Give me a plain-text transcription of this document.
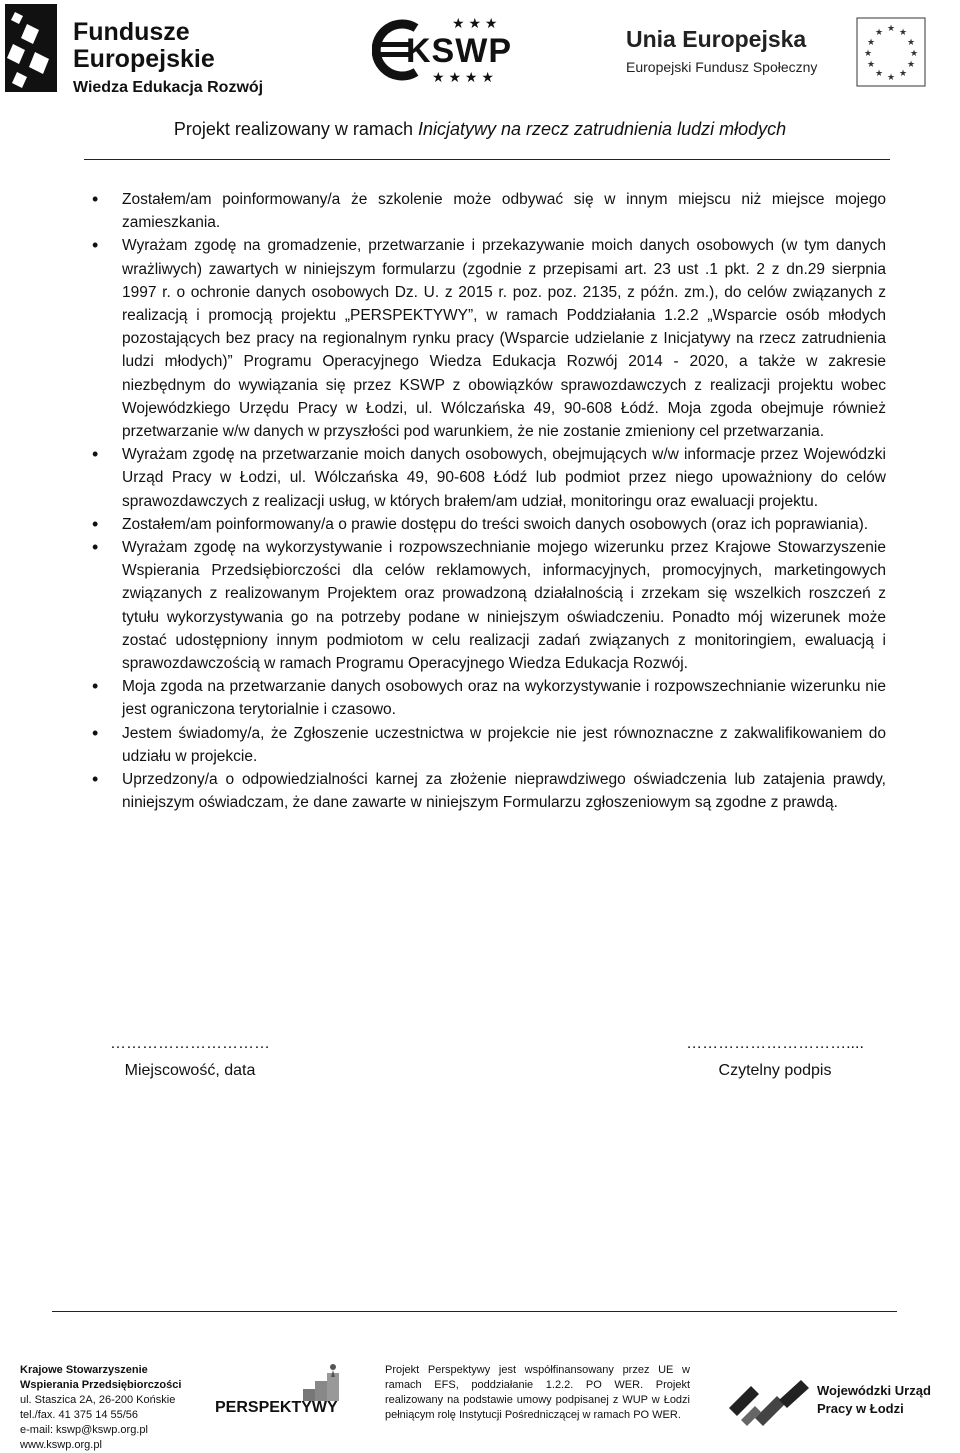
Fundusze
Europejskie
Wiedza Edukacja Rozwój
★ ★ ★
★ ★ ★ ★
KSWP	Unia Europejska
Europejski Fundusz Społeczny
★ ★
★
★
★
★
★
★
★
★
★
★
Projekt realizowany w ramach Inicjatywy na rzecz zatrudnienia ludzi młodych
• Zostałem/am poinformowany/a że szkolenie może odbywać się w innym miejscu niż miejsce mojego zamieszkania.
• Wyrażam zgodę na gromadzenie, przetwarzanie i przekazywanie moich danych osobowych (w tym danych wrażliwych) zawartych w niniejszym formularzu (zgodnie z przepisami art. 23 ust .1 pkt. 2 z dn.29 sierpnia 1997 r. o ochronie danych osobowych Dz. U. z 2015 r. poz. poz. 2135, z późn. zm.), do celów związanych z realizacją i promocją projektu „PERSPEKTYWY”, w ramach Poddziałania 1.2.2 „Wsparcie osób młodych pozostających bez pracy na regionalnym rynku pracy (Wsparcie udzielanie z Inicjatywy na rzecz zatrudnienia ludzi młodych)” Programu Operacyjnego Wiedza Edukacja Rozwój 2014 - 2020, a także w zakresie niezbędnym do wywiązania się przez KSWP z obowiązków sprawozdawczych z realizacji projektu wobec Wojewódzkiego Urzędu Pracy w Łodzi, ul. Wólczańska 49, 90-608 Łódź. Moja zgoda obejmuje również przetwarzanie w/w danych w przyszłości pod warunkiem, że nie zostanie zmieniony cel przetwarzania.
• Wyrażam zgodę na przetwarzanie moich danych osobowych, obejmujących w/w informacje przez Wojewódzki Urząd Pracy w Łodzi, ul. Wólczańska 49, 90-608 Łódź lub podmiot przez niego upoważniony do celów sprawozdawczych z realizacji usług, w których brałem/am udział, monitoringu oraz ewaluacji projektu.
• Zostałem/am poinformowany/a o prawie dostępu do treści swoich danych osobowych (oraz ich poprawiania).
• Wyrażam zgodę na wykorzystywanie i rozpowszechnianie mojego wizerunku przez Krajowe Stowarzyszenie Wspierania Przedsiębiorczości dla celów reklamowych, informacyjnych, promocyjnych, marketingowych związanych z realizowanym Projektem oraz prowadzoną działalnością i zrzekam się wszelkich roszczeń z tytułu wykorzystywania go na potrzeby podane w niniejszym oświadczeniu. Ponadto mój wizerunek może zostać udostępniony innym podmiotom w celu realizacji zadań związanych z monitoringiem, ewaluacją i sprawozdawczością w ramach Programu Operacyjnego Wiedza Edukacja Rozwój.
• Moja zgoda na przetwarzanie danych osobowych oraz na wykorzystywanie i rozpowszechnianie wizerunku nie jest ograniczona terytorialnie i czasowo.
• Jestem świadomy/a, że Zgłoszenie uczestnictwa w projekcie nie jest równoznaczne z zakwalifikowaniem do udziału w projekcie.
• Uprzedzony/a o odpowiedzialności karnej za złożenie nieprawdziwego oświadczenia lub zatajenia prawdy, niniejszym oświadczam, że dane zawarte w niniejszym Formularzu zgłoszeniowym są zgodne z prawdą.
…………………………
Miejscowość, data
…………………………....
Czytelny podpis
Krajowe Stowarzyszenie
Wspierania Przedsiębiorczości
ul. Staszica 2A, 26-200 Końskie
tel./fax. 41 375 14 55/56
e-mail: kswp@kswp.org.pl
www.kswp.org.pl
PERSPEKTYWY
Projekt Perspektywy jest współfinansowany przez UE w ramach EFS, poddziałanie 1.2.2. PO WER. Projekt realizowany na podstawie umowy podpisanej z WUP w Łodzi pełniącym rolę Instytucji Pośredniczącej w ramach PO WER.
Wojewódzki Urząd
Pracy w Łodzi
